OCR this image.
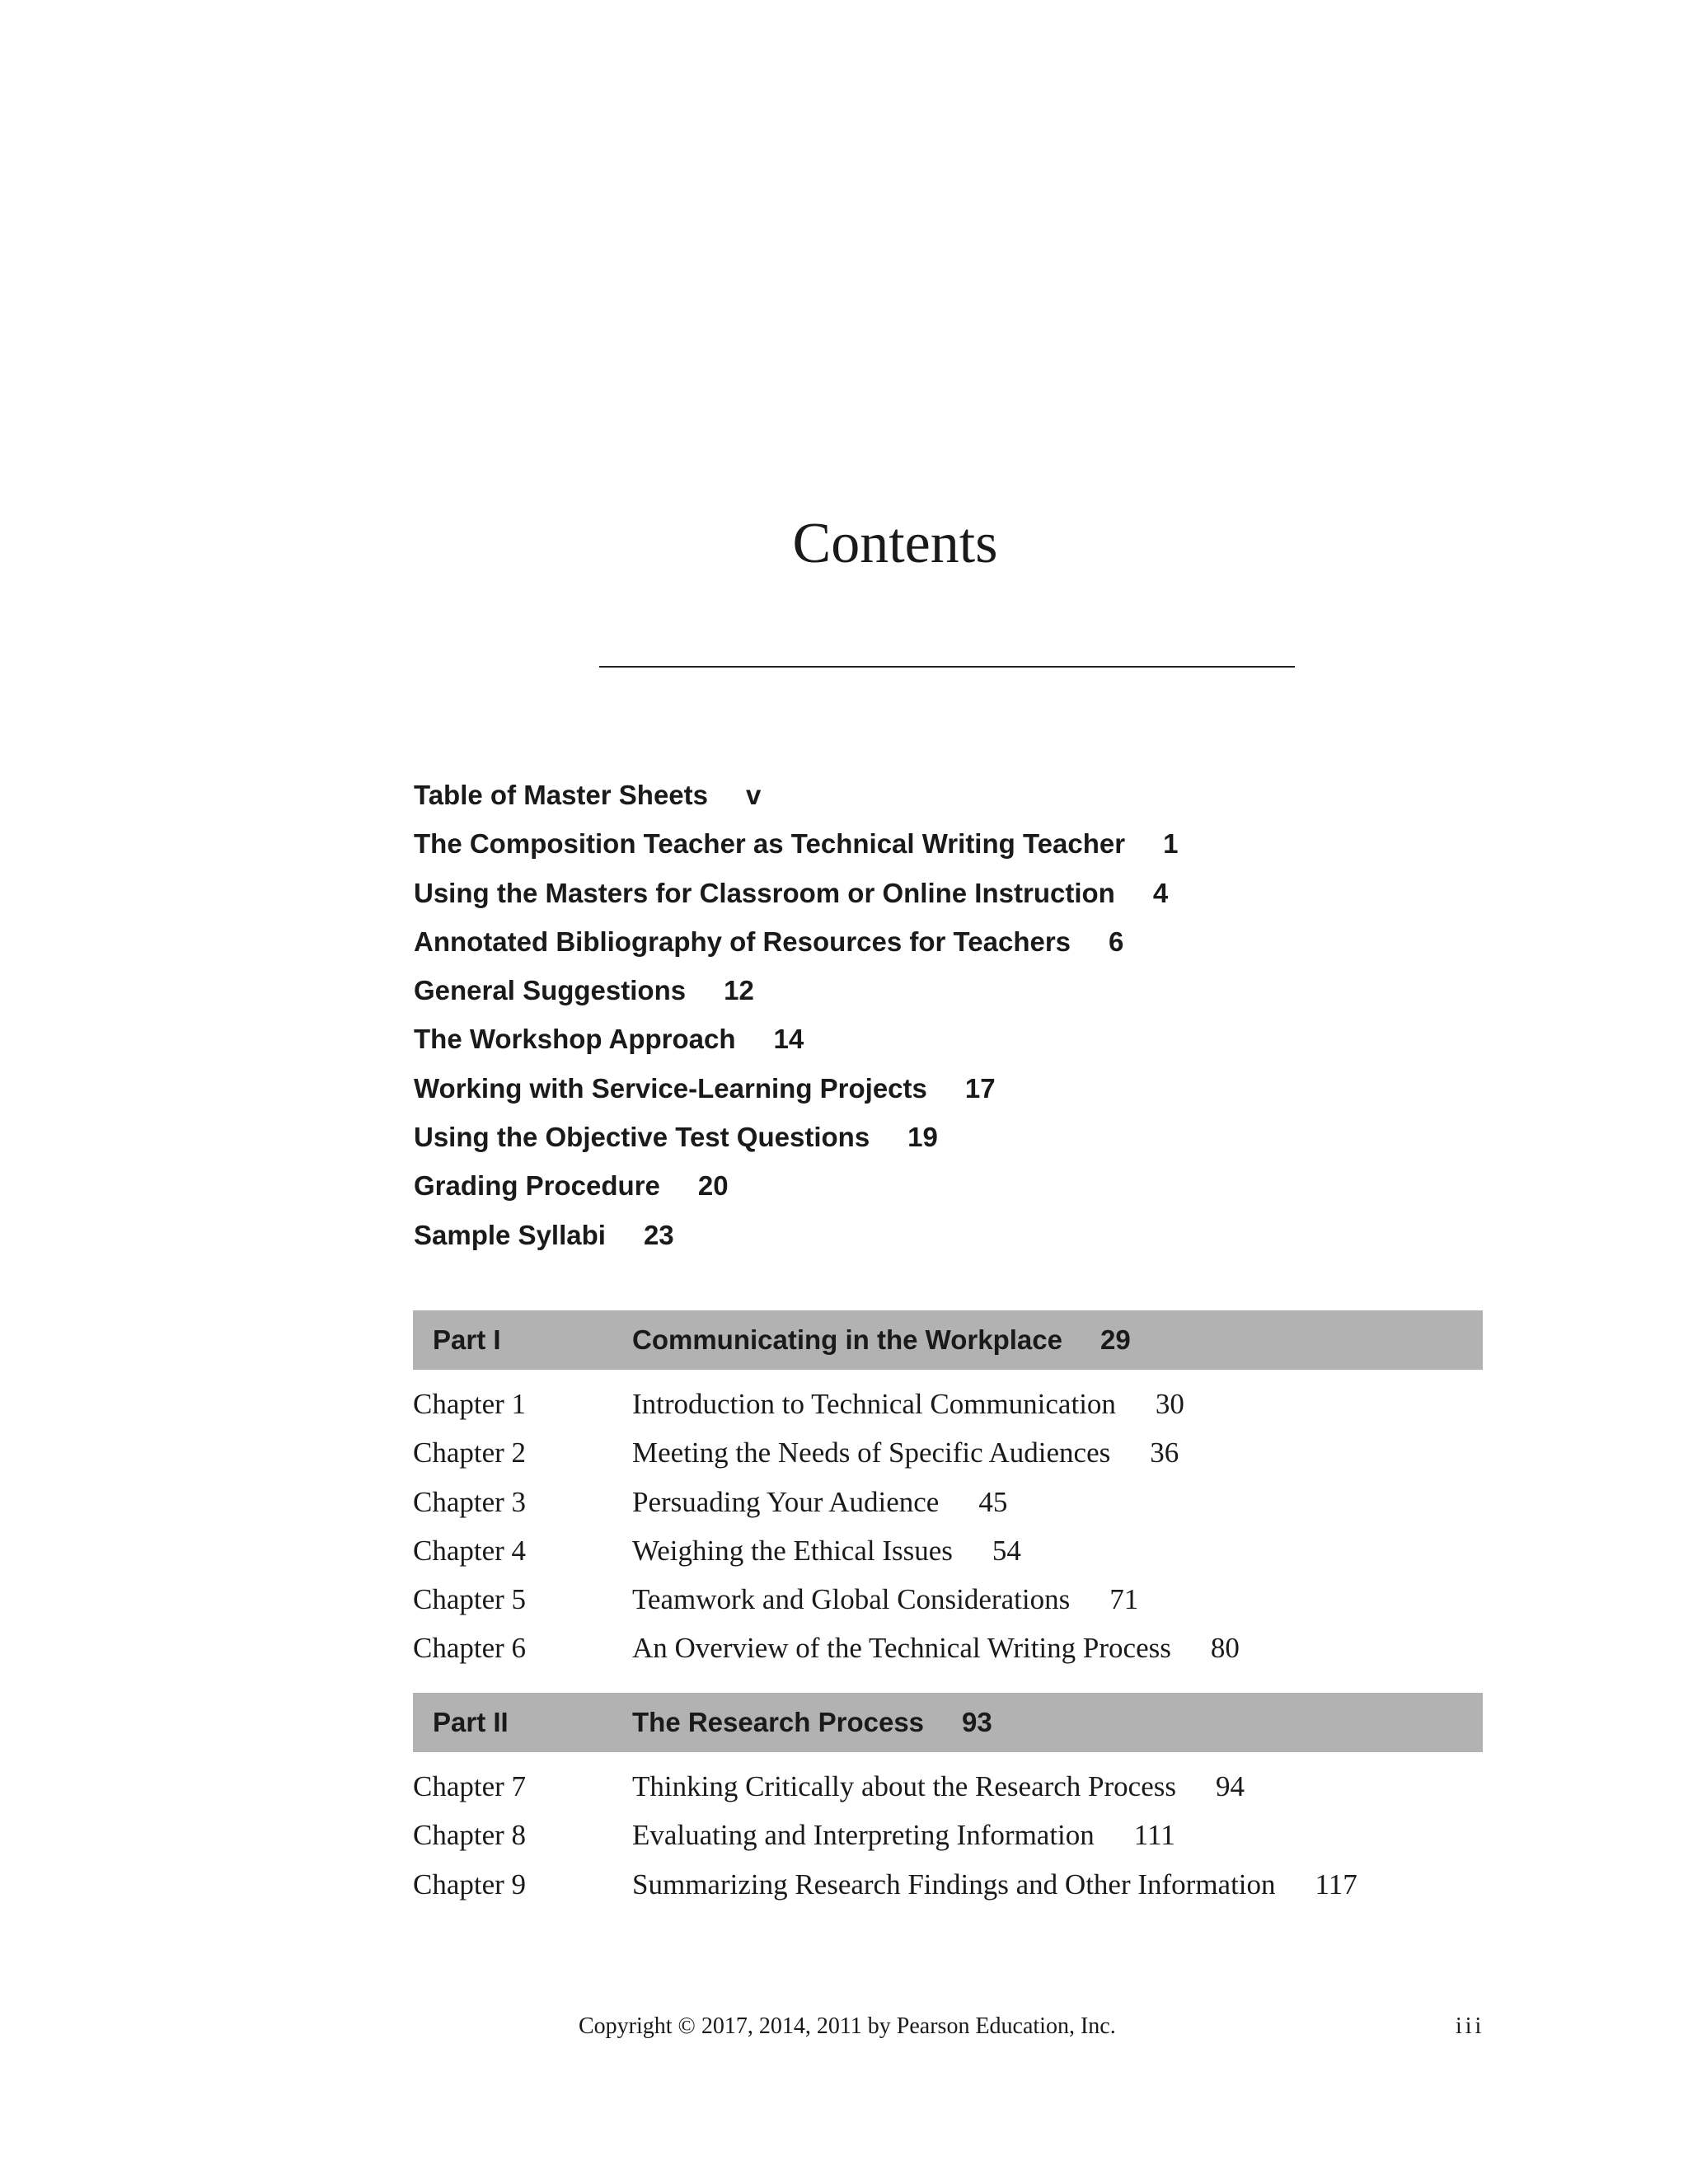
Contents
Table of Master Sheets v
The Composition Teacher as Technical Writing Teacher 1
Using the Masters for Classroom or Online Instruction 4
Annotated Bibliography of Resources for Teachers 6
General Suggestions 12
The Workshop Approach 14
Working with Service-Learning Projects 17
Using the Objective Test Questions 19
Grading Procedure 20
Sample Syllabi 23
Part I	Communicating in the Workplace 29
Chapter 1	Introduction to Technical Communication 30
Chapter 2	Meeting the Needs of Specific Audiences 36
Chapter 3	Persuading Your Audience 45
Chapter 4	Weighing the Ethical Issues 54
Chapter 5	Teamwork and Global Considerations 71
Chapter 6	An Overview of the Technical Writing Process 80
Part II	The Research Process 93
Chapter 7	Thinking Critically about the Research Process 94
Chapter 8	Evaluating and Interpreting Information 111
Chapter 9	Summarizing Research Findings and Other Information 117
Copyright © 2017, 2014, 2011 by Pearson Education, Inc.	iii
